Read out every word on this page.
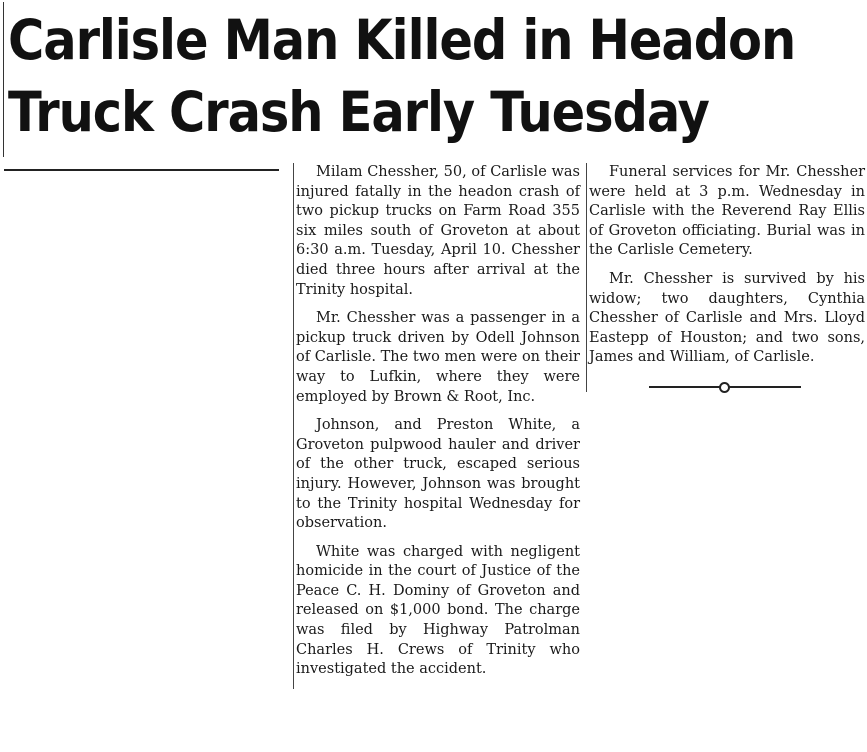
Carlisle Man Killed in Headon
Truck Crash Early Tuesday

Milam Chessher, 50, of Carlisle was injured fatally in the headon crash of two pickup trucks on Farm Road 355 six miles south of Groveton at about 6:30 a.m. Tuesday, April 10. Chessher died three hours after arrival at the Trinity hospital.

Mr. Chessher was a passenger in a pickup truck driven by Odell Johnson of Carlisle. The two men were on their way to Lufkin, where they were employed by Brown & Root, Inc.

Johnson, and Preston White, a Groveton pulpwood hauler and driver of the other truck, escaped serious injury. However, Johnson was brought to the Trinity hospital Wednesday for observation.

White was charged with negligent homicide in the court of Justice of the Peace C. H. Dominy of Groveton and released on $1,000 bond. The charge was filed by Highway Patrolman Charles H. Crews of Trinity who investigated the accident.

Funeral services for Mr. Chessher were held at 3 p.m. Wednesday in Carlisle with the Reverend Ray Ellis of Groveton officiating. Burial was in the Carlisle Cemetery.

Mr. Chessher is survived by his widow; two daughters, Cynthia Chessher of Carlisle and Mrs. Lloyd Eastepp of Houston; and two sons, James and William, of Carlisle.
